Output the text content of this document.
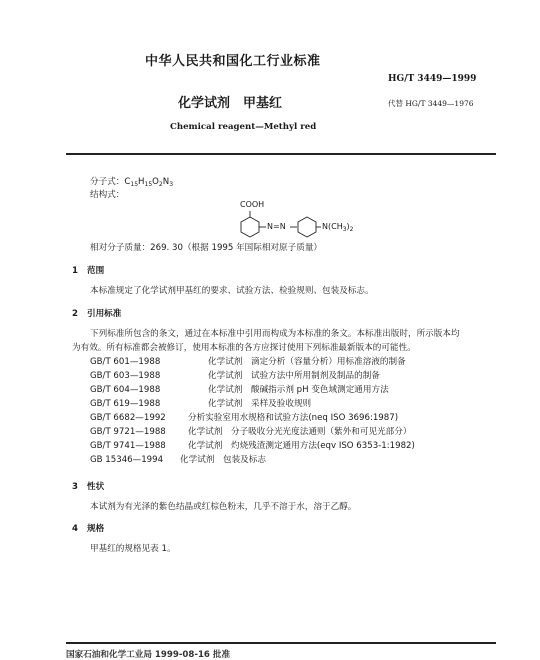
中华人民共和国化工行业标准
HG/T 3449—1999
化学试剂　甲基红	代替 HG/T 3449—1976
Chemical reagent—Methyl red
分子式：$C_{15}H_{15}O_2N_3$
结构式：
COOH
N=N	$N(CH_3)_2$
相对分子质量：269. 30（根据 1995 年国际相对原子质量）
1 范围
本标准规定了化学试剂甲基红的要求、试验方法、检验规则、包装及标志。
2 引用标准
下列标准所包含的条文，通过在本标准中引用而构成为本标准的条文。本标准出版时，所示版本均
为有效。所有标准都会被修订，使用本标准的各方应探讨使用下列标准最新版本的可能性。
GB/T 601—1988	化学试剂　滴定分析（容量分析）用标准溶液的制备
GB/T 603—1988	化学试剂　试验方法中所用制剂及制品的制备
GB/T 604—1988	化学试剂　酸碱指示剂 pH 变色域测定通用方法
GB/T 619—1988	化学试剂　采样及验收规则
GB/T 6682—1992	分析实验室用水规格和试验方法(neq ISO 3696:1987)
GB/T 9721—1988	化学试剂　分子吸收分光光度法通则（紫外和可见光部分）
GB/T 9741—1988	化学试剂　灼烧残渣测定通用方法(eqv ISO 6353-1:1982)
GB 15346—1994 化学试剂　包装及标志
3 性状
本试剂为有光泽的紫色结晶或红棕色粉末，几乎不溶于水，溶于乙醇。
4 规格
甲基红的规格见表 1。
国家石油和化学工业局 1999-08-16 批准
